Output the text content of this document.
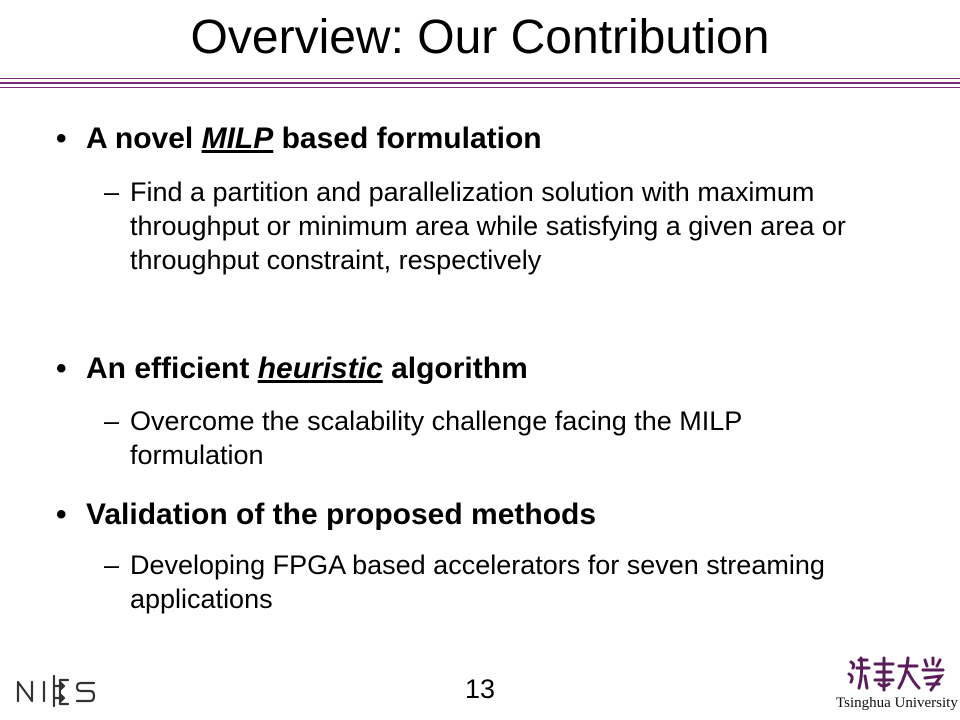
Overview: Our Contribution
• A novel MILP based formulation
– Find a partition and parallelization solution with maximum throughput or minimum area while satisfying a given area or throughput constraint, respectively
• An efficient heuristic algorithm
– Overcome the scalability challenge facing the MILP formulation
• Validation of the proposed methods
– Developing FPGA based accelerators for seven streaming applications
13	Tsinghua University
